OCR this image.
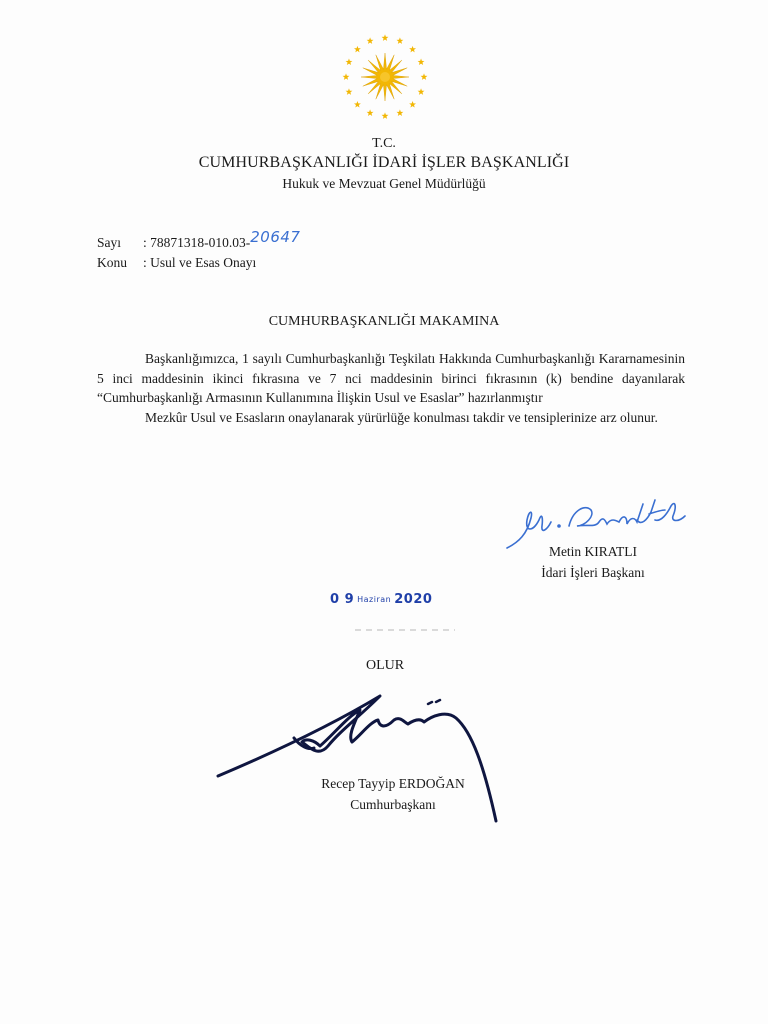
T.C.
CUMHURBAŞKANLIĞI İDARİ İŞLER BAŞKANLIĞI
Hukuk ve Mevzuat Genel Müdürlüğü
Sayı : 78871318-010.03-20647
Konu : Usul ve Esas Onayı
CUMHURBAŞKANLIĞI MAKAMINA

Başkanlığımızca, 1 sayılı Cumhurbaşkanlığı Teşkilatı Hakkında Cumhurbaşkanlığı Kararnamesinin 5 inci maddesinin ikinci fıkrasına ve 7 nci maddesinin birinci fıkrasının (k) bendine dayanılarak “Cumhurbaşkanlığı Armasının Kullanımına İlişkin Usul ve Esaslar” hazırlanmıştır

Mezkûr Usul ve Esasların onaylanarak yürürlüğe konulması takdir ve tensiplerinize arz olunur.

Metin KIRATLI
İdari İşleri Başkanı
0 9 Haziran 2020
OLUR
Recep Tayyip ERDOĞAN
Cumhurbaşkanı
